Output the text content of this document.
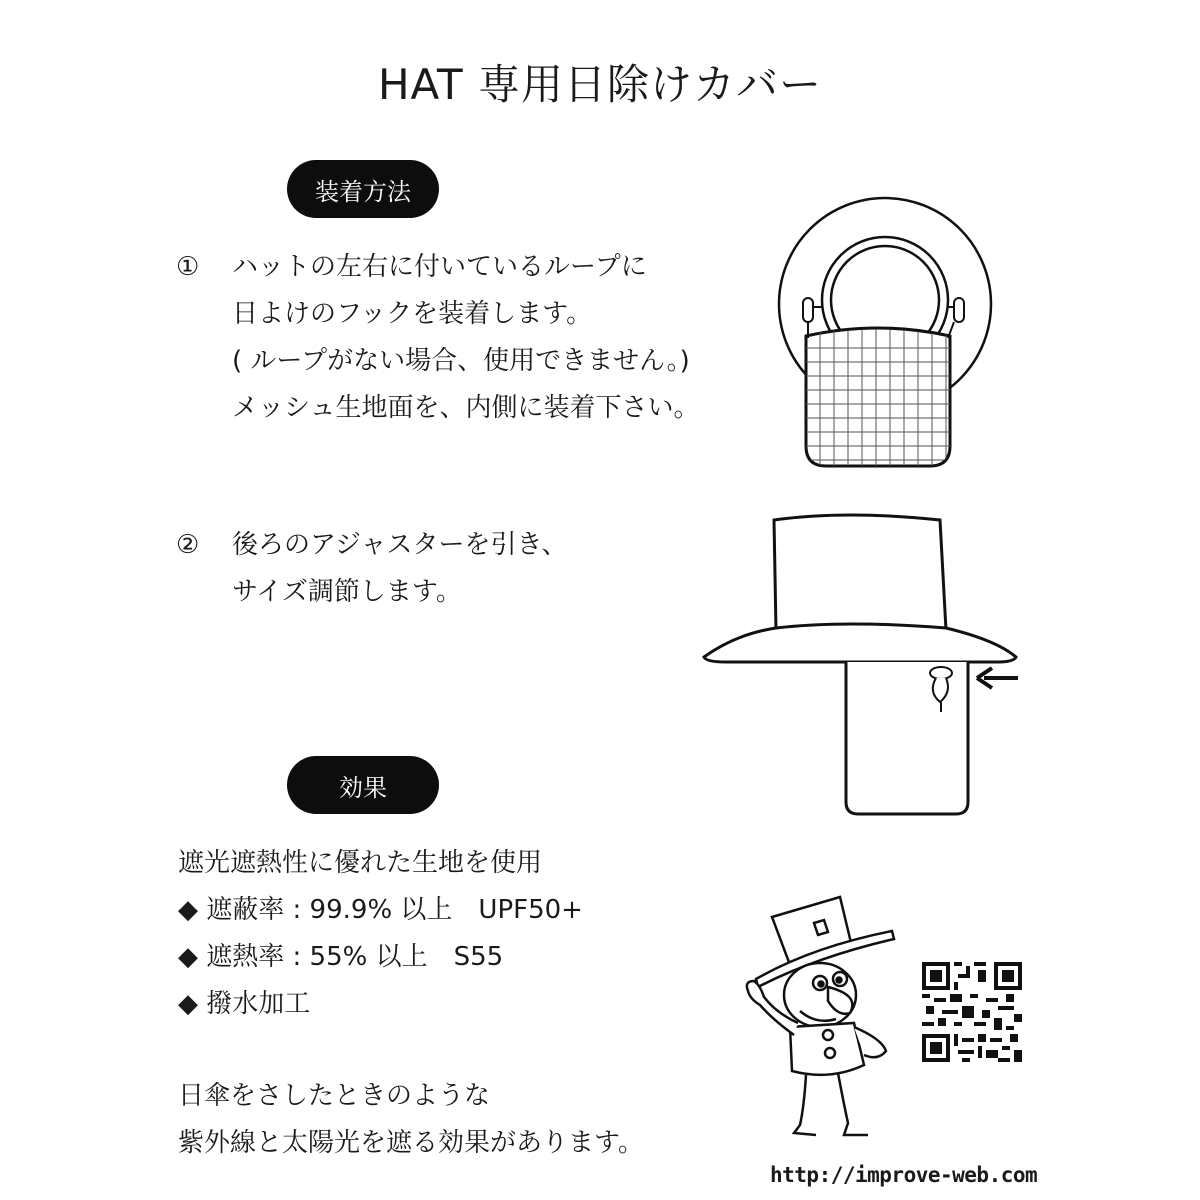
HAT 専用日除けカバー
装着方法
①	ハットの左右に付いているループに
日よけのフックを装着します。
( ループがない場合、使用できません。)
メッシュ生地面を、内側に装着下さい。
②	後ろのアジャスターを引き、
サイズ調節します。
効果
遮光遮熱性に優れた生地を使用
◆ 遮蔽率 : 99.9% 以上　UPF50+
◆ 遮熱率 : 55% 以上　S55
◆ 撥水加工
日傘をさしたときのような
紫外線と太陽光を遮る効果があります。
http://improve-web.com
